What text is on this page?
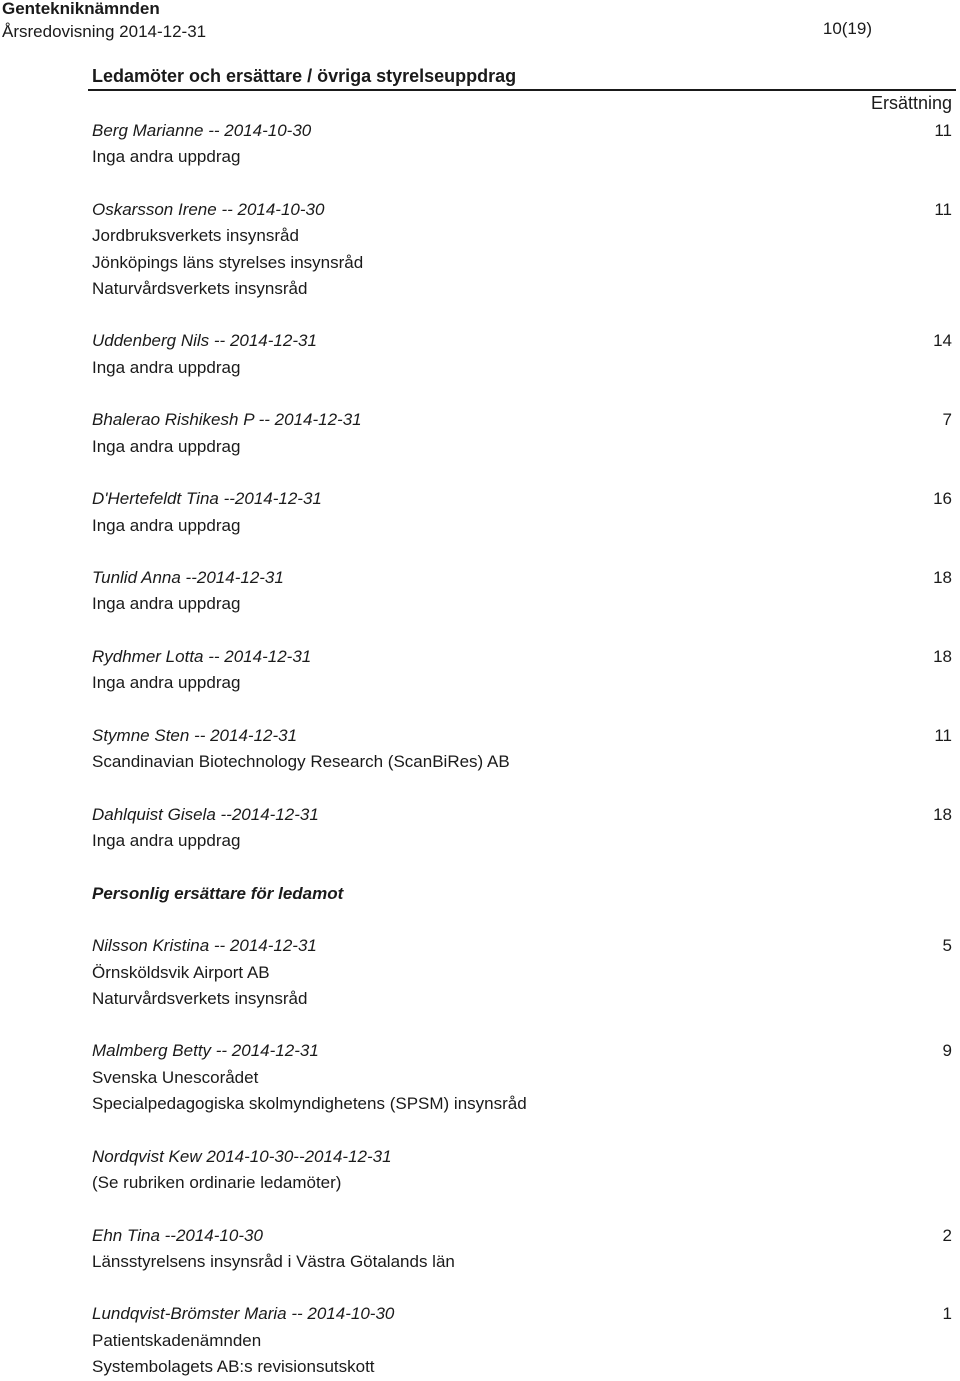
Gentekniknämnden
Årsredovisning 2014-12-31	10(19)
Ledamöter och ersättare / övriga styrelseuppdrag
Ersättning
Berg Marianne -- 2014-10-30	11
Inga andra uppdrag
Oskarsson Irene -- 2014-10-30	11
Jordbruksverkets insynsråd
Jönköpings läns styrelses insynsråd
Naturvårdsverkets insynsråd
Uddenberg Nils -- 2014-12-31	14
Inga andra uppdrag
Bhalerao Rishikesh P -- 2014-12-31	7
Inga andra uppdrag
D'Hertefeldt Tina --2014-12-31	16
Inga andra uppdrag
Tunlid Anna --2014-12-31	18
Inga andra uppdrag
Rydhmer Lotta -- 2014-12-31	18
Inga andra uppdrag
Stymne Sten -- 2014-12-31	11
Scandinavian Biotechnology Research (ScanBiRes) AB
Dahlquist Gisela --2014-12-31	18
Inga andra uppdrag
Personlig ersättare för ledamot
Nilsson Kristina -- 2014-12-31	5
Örnsköldsvik Airport AB
Naturvårdsverkets insynsråd
Malmberg Betty -- 2014-12-31	9
Svenska Unescorådet
Specialpedagogiska skolmyndighetens (SPSM) insynsråd
Nordqvist Kew 2014-10-30--2014-12-31
(Se rubriken ordinarie ledamöter)
Ehn Tina --2014-10-30	2
Länsstyrelsens insynsråd i Västra Götalands län
Lundqvist-Brömster Maria -- 2014-10-30	1
Patientskadenämnden
Systembolagets AB:s revisionsutskott
